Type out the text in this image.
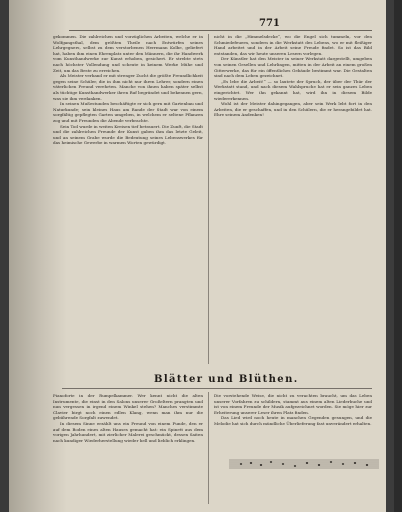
771

gekommen. Die zahlreichen und vorzüglichen Arbeiten, welche er in Wolfgangsthal, dem größten Theile nach Entwürfen seines Lehrgegners, selbst zu dem verstorbenen Herrmann Kolbe, geliefert hat, haben ihm einen Ehrenplatz unter den Männern, die ihr Handwerk vom Kunsthandwerke zur Kunst erhoben, gesichert. Er strebte stets nach höchster Vollendung und scheute in keinem Werke Mühe und Zeit, um das Beste zu erreichen.

Als Meister verband er mit strenger Zucht die größte Freundlichkeit gegen seine Schüler, die in ihm nicht nur ihren Lehrer, sondern einen väterlichen Freund verehrten. Manche von ihnen haben später selbst als tüchtige Kunsthandwerker ihren Ruf begründet und bekennen gern, was sie ihm verdanken.

In seinen Mußestunden beschäftigte er sich gern mit Gartenbau und Naturkunde; sein kleines Haus am Rande der Stadt war von einem sorgfältig gepflegten Garten umgeben, in welchem er seltene Pflanzen zog und mit Freunden die Abende verbrachte.

Sein Tod wurde in weiten Kreisen tief betrauert. Die Zunft, die Stadt und die zahlreichen Freunde der Kunst gaben ihm das letzte Geleit, und an seinem Grabe wurde die Bedeutung seines Lebenswerkes für das heimische Gewerbe in warmen Worten gewürdigt.

nicht in die „Himmelsdecke“, wo die Engel sich tummeln, vor den Schmiedefeuern, sondern in die Werkstatt des Lebens, wo er mit fleißiger Hand arbeitet und in der Arbeit seine Freude findet. So ist das Bild entstanden, das wir heute unseren Lesern vorlegen.

Der Künstler hat den Meister in seiner Werkstatt dargestellt, umgeben von seinen Gesellen und Lehrlingen, mitten in der Arbeit an einem großen Gitterwerke, das für ein öffentliches Gebäude bestimmt war. Die Gestalten sind nach dem Leben gezeichnet.

„Es lebe die Arbeit!“ — so lautete der Spruch, der über der Thür der Werkstatt stand, und nach diesem Wahlspruche hat er sein ganzes Leben eingerichtet. Wer ihn gekannt hat, wird ihn in diesem Bilde wiedererkennen.

Wohl ist der Meister dahingegangen, aber sein Werk lebt fort in den Arbeiten, die er geschaffen, und in den Schülern, die er herangebildet hat. Ehre seinem Andenken!

Blätter und Blüthen.

Pianoforte in der Rumpelkammer. Wer kennt nicht die alten Instrumente, die einst in den Salons unserer Großeltern prangten und nun vergessen in irgend einem Winkel stehen? Manches verstimmte Clavier birgt noch einen edlen Klang, wenn man ihm nur die gebührende Sorgfalt zuwendet.

In diesem Sinne erzählt uns ein Freund von einem Funde, den er auf dem Boden eines alten Hauses gemacht hat: ein Spinett aus dem vorigen Jahrhundert, mit zierlicher Malerei geschmückt, dessen Saiten nach kundiger Wiederherstellung wieder hell und lieblich erklingen.

Die vorstehende Weise, die nicht zu verachten braucht, um das Leben unserer Vorfahren zu schildern, stammt aus einem alten Liederbuche und ist von einem Freunde der Musik aufgezeichnet worden. Sie möge hier zur Erheiterung unserer Leser ihren Platz finden.

Das Lied wird noch heute in manchen Gegenden gesungen, und die Melodie hat sich durch mündliche Überlieferung fast unverändert erhalten.
